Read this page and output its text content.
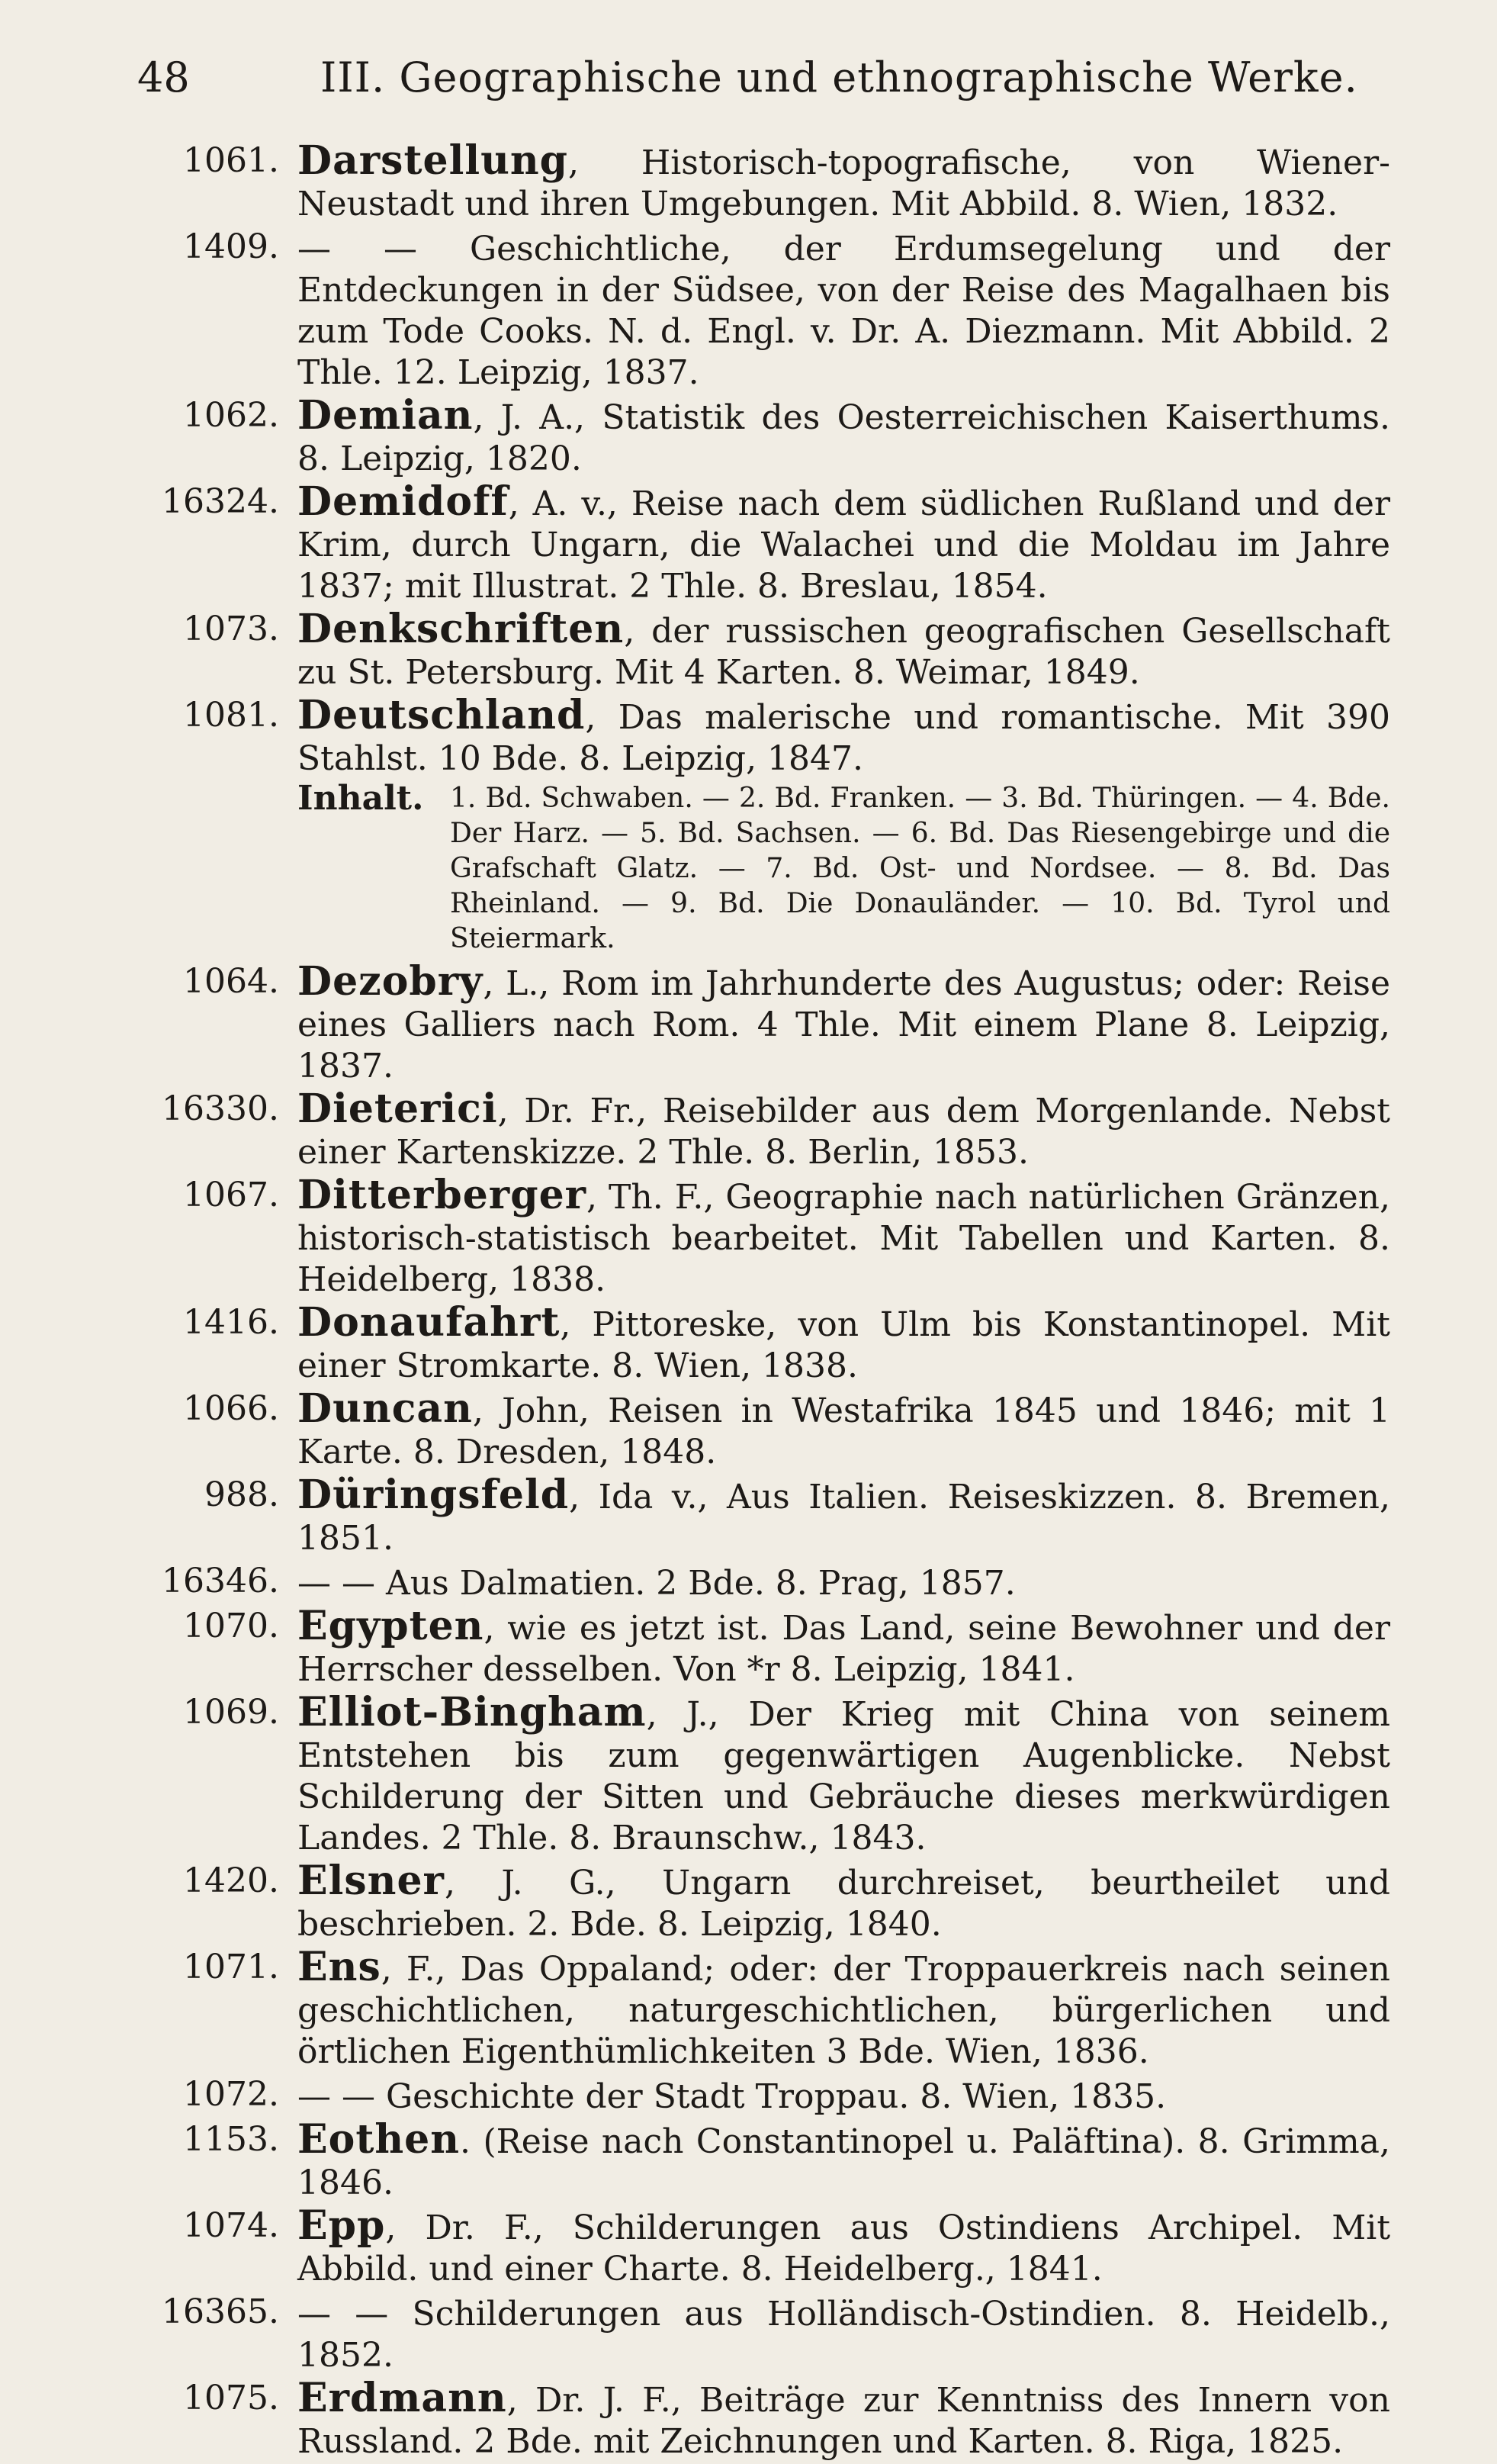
48	III. Geographische und ethnographische Werke.
1061. Darstellung, Historisch-topografische, von Wiener-Neustadt und ihren Umgebungen. Mit Abbild. 8. Wien, 1832.
1409. — — Geschichtliche, der Erdumsegelung und der Entdeckungen in der Südsee, von der Reise des Magalhaen bis zum Tode Cooks. N. d. Engl. v. Dr. A. Diezmann. Mit Abbild. 2 Thle. 12. Leipzig, 1837.
1062. Demian, J. A., Statistik des Oesterreichischen Kaiserthums. 8. Leipzig, 1820.
16324. Demidoff, A. v., Reise nach dem südlichen Rußland und der Krim, durch Ungarn, die Walachei und die Moldau im Jahre 1837; mit Illustrat. 2 Thle. 8. Breslau, 1854.
1073. Denkschriften, der russischen geografischen Gesellschaft zu St. Petersburg. Mit 4 Karten. 8. Weimar, 1849.
1081. Deutschland, Das malerische und romantische. Mit 390 Stahlst. 10 Bde. 8. Leipzig, 1847.
Inhalt. 1. Bd. Schwaben. — 2. Bd. Franken. — 3. Bd. Thüringen. — 4. Bde. Der Harz. — 5. Bd. Sachsen. — 6. Bd. Das Riesengebirge und die Grafschaft Glatz. — 7. Bd. Ost- und Nordsee. — 8. Bd. Das Rheinland. — 9. Bd. Die Donauländer. — 10. Bd. Tyrol und Steiermark.
1064. Dezobry, L., Rom im Jahrhunderte des Augustus; oder: Reise eines Galliers nach Rom. 4 Thle. Mit einem Plane 8. Leipzig, 1837.
16330. Dieterici, Dr. Fr., Reisebilder aus dem Morgenlande. Nebst einer Kartenskizze. 2 Thle. 8. Berlin, 1853.
1067. Ditterberger, Th. F., Geographie nach natürlichen Gränzen, historisch-statistisch bearbeitet. Mit Tabellen und Karten. 8. Heidelberg, 1838.
1416. Donaufahrt, Pittoreske, von Ulm bis Konstantinopel. Mit einer Stromkarte. 8. Wien, 1838.
1066. Duncan, John, Reisen in Westafrika 1845 und 1846; mit 1 Karte. 8. Dresden, 1848.
988. Düringsfeld, Ida v., Aus Italien. Reiseskizzen. 8. Bremen, 1851.
16346. — — Aus Dalmatien. 2 Bde. 8. Prag, 1857.
1070. Egypten, wie es jetzt ist. Das Land, seine Bewohner und der Herrscher desselben. Von *r 8. Leipzig, 1841.
1069. Elliot-Bingham, J., Der Krieg mit China von seinem Entstehen bis zum gegenwärtigen Augenblicke. Nebst Schilderung der Sitten und Gebräuche dieses merkwürdigen Landes. 2 Thle. 8. Braunschw., 1843.
1420. Elsner, J. G., Ungarn durchreiset, beurtheilet und beschrieben. 2. Bde. 8. Leipzig, 1840.
1071. Ens, F., Das Oppaland; oder: der Troppauerkreis nach seinen geschichtlichen, naturgeschichtlichen, bürgerlichen und örtlichen Eigenthümlichkeiten 3 Bde. Wien, 1836.
1072. — — Geschichte der Stadt Troppau. 8. Wien, 1835.
1153. Eothen. (Reise nach Constantinopel u. Paläftina). 8. Grimma, 1846.
1074. Epp, Dr. F., Schilderungen aus Ostindiens Archipel. Mit Abbild. und einer Charte. 8. Heidelberg., 1841.
16365. — — Schilderungen aus Holländisch-Ostindien. 8. Heidelb., 1852.
1075. Erdmann, Dr. J. F., Beiträge zur Kenntniss des Innern von Russland. 2 Bde. mit Zeichnungen und Karten. 8. Riga, 1825.
